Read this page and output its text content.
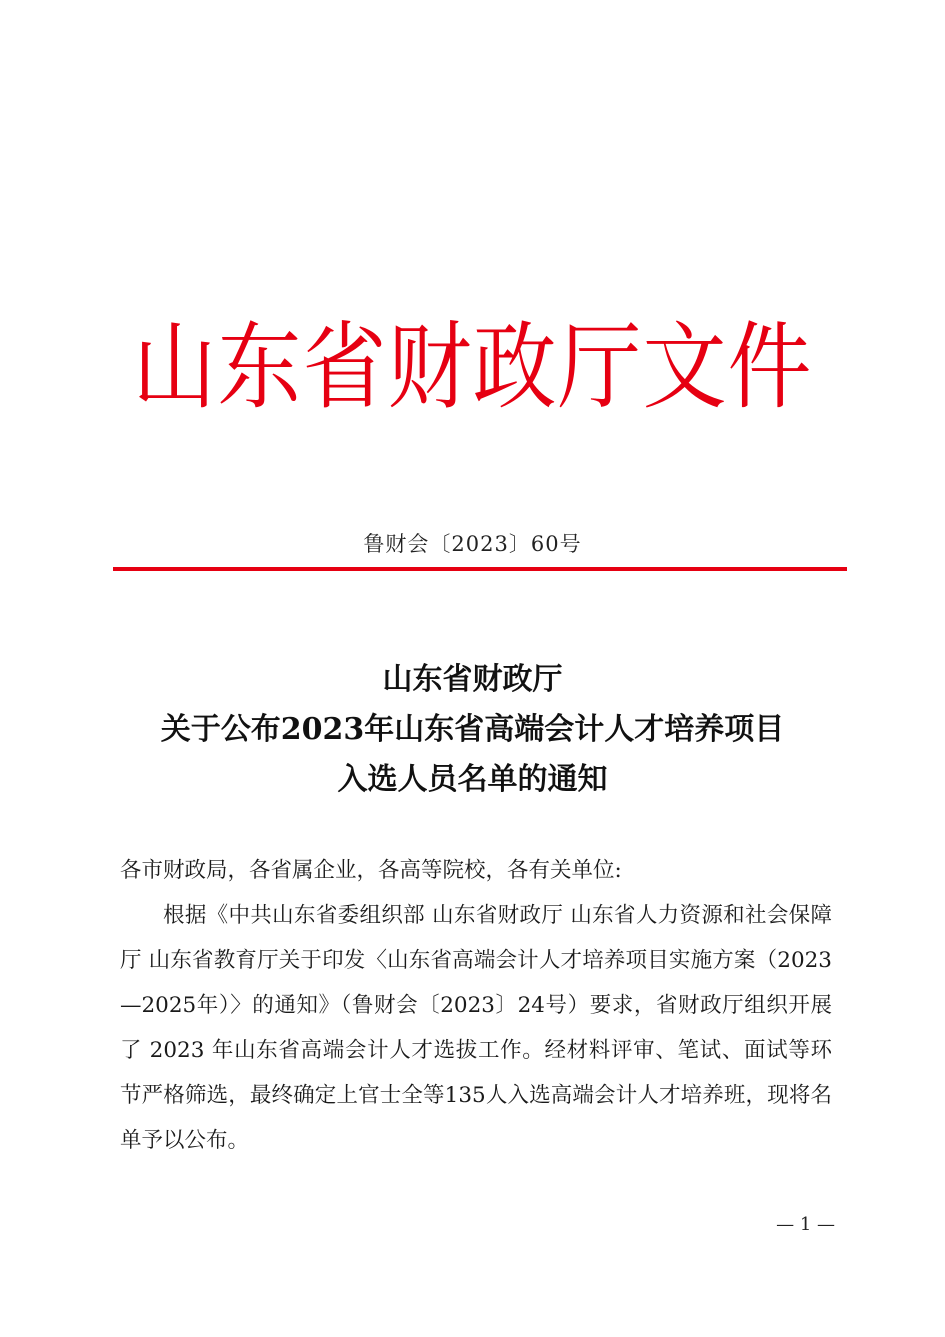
山东省财政厅文件
鲁财会〔2023〕60号
山东省财政厅
关于公布2023年山东省高端会计人才培养项目
入选人员名单的通知
各市财政局，各省属企业，各高等院校，各有关单位:
根据《中共山东省委组织部 山东省财政厅 山东省人力资源和社会保障厅 山东省教育厅关于印发〈山东省高端会计人才培养项目实施方案（2023—2025年）〉的通知》（鲁财会〔2023〕24号）要求，省财政厅组织开展了 2023 年山东省高端会计人才选拔工作。经材料评审、笔试、面试等环节严格筛选，最终确定上官士全等135人入选高端会计人才培养班，现将名单予以公布。
— 1 —
